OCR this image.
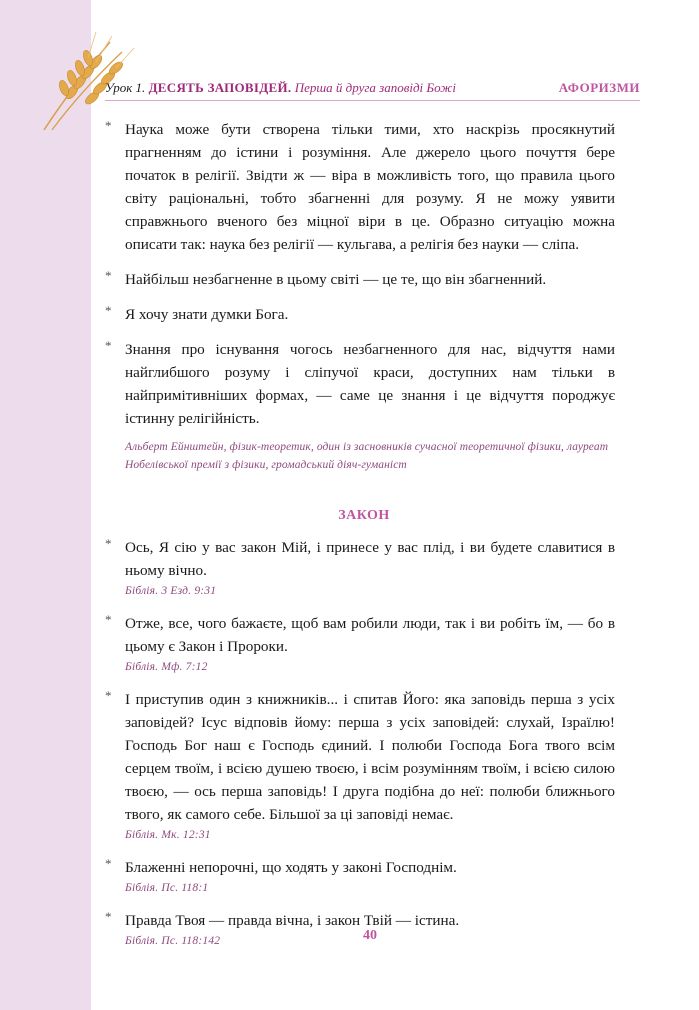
Урок 1. ДЕСЯТЬ ЗАПОВІДЕЙ. Перша й друга заповіді Божі	АФОРИЗМИ
* Наука може бути створена тільки тими, хто наскрізь просякнутий прагненням до істини і розуміння. Але джерело цього почуття бере початок в релігії. Звідти ж — віра в можливість того, що правила цього світу раціональні, тобто збагненні для розуму. Я не можу уявити справжнього вченого без міцної віри в це. Образно ситуацію можна описати так: наука без релігії — кульгава, а релігія без науки — сліпа.

* Найбільш незбагненне в цьому світі — це те, що він збагненний.

* Я хочу знати думки Бога.

* Знання про існування чогось незбагненного для нас, відчуття нами найглибшого розуму і сліпучої краси, доступних нам тільки в найпримітивніших формах, — саме це знання і це відчуття породжує істинну релігійність.

Альберт Ейнштейн, фізик-теоретик, один із засновників сучасної теоретичної фізики, лауреат Нобелівської премії з фізики, громадський діяч-гуманіст
ЗАКОН
* Ось, Я сію у вас закон Мій, і принесе у вас плід, і ви будете славитися в ньому вічно.

Біблія. 3 Езд. 9:31
* Отже, все, чого бажаєте, щоб вам робили люди, так і ви робіть їм, — бо в цьому є Закон і Пророки.

Біблія. Мф. 7:12
* І приступив один з книжників... і спитав Його: яка заповідь перша з усіх заповідей? Ісус відповів йому: перша з усіх заповідей: слухай, Ізраїлю! Господь Бог наш є Господь єдиний. І полюби Господа Бога твого всім серцем твоїм, і всією душею твоєю, і всім розумінням твоїм, і всією силою твоєю, — ось перша заповідь! І друга подібна до неї: полюби ближнього твого, як самого себе. Більшої за ці заповіді немає.

Біблія. Мк. 12:31
* Блаженні непорочні, що ходять у законі Господнім.

Біблія. Пс. 118:1
* Правда Твоя — правда вічна, і закон Твій — істина.

Біблія. Пс. 118:142	40
